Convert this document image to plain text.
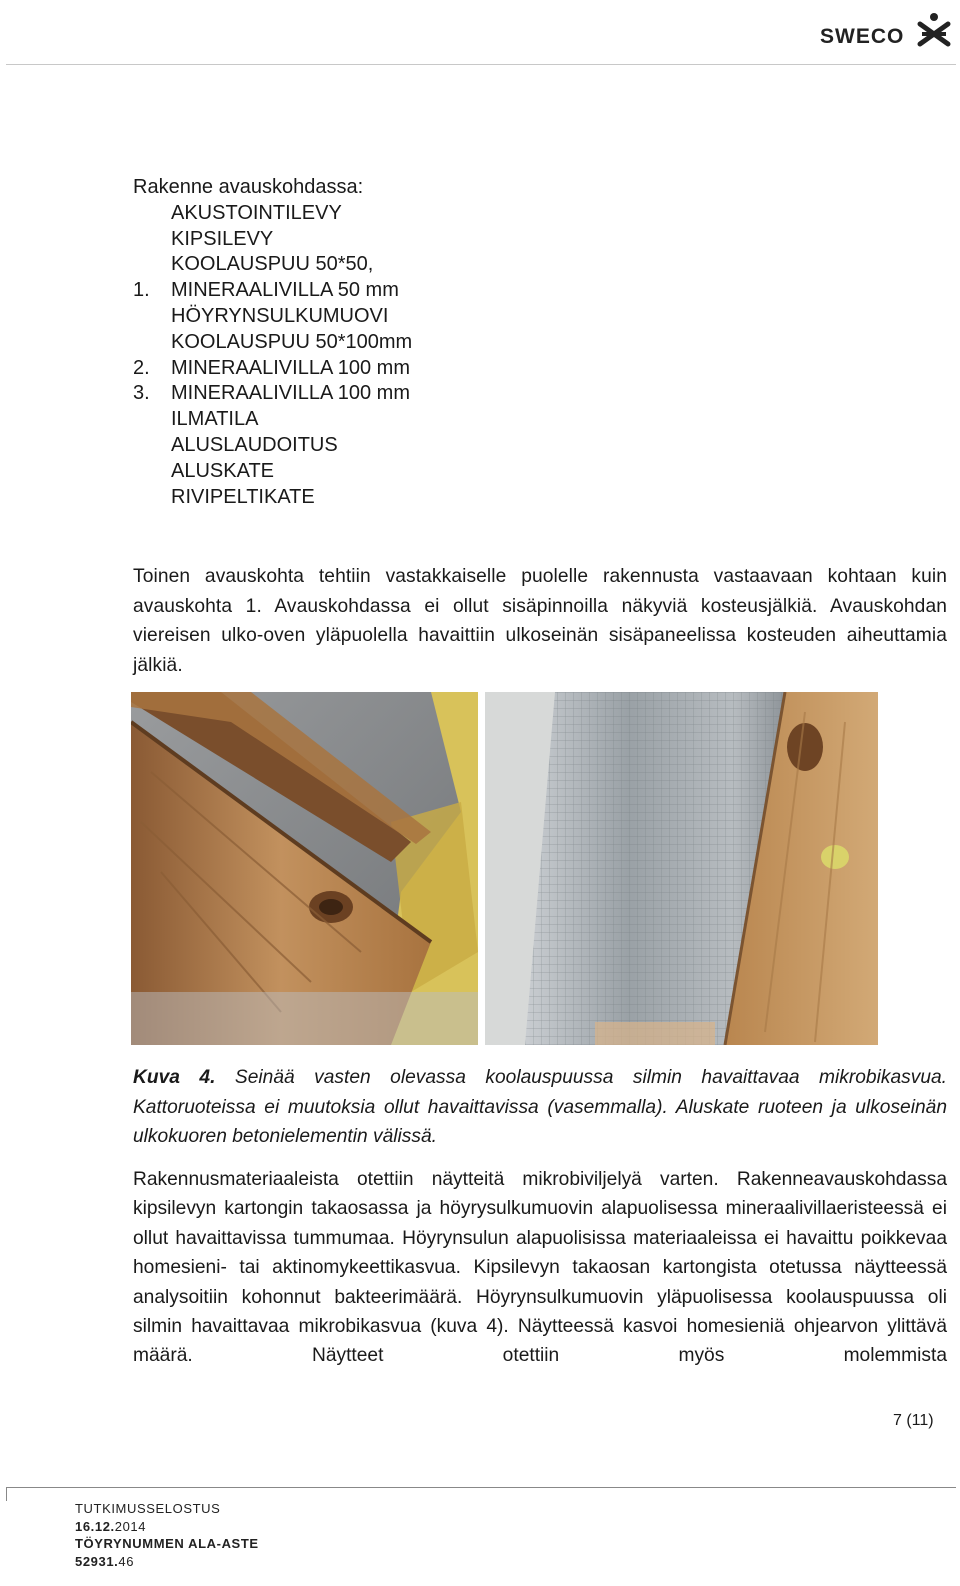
SWECO
Rakenne avauskohdassa:
AKUSTOINTILEVY
KIPSILEVY
KOOLAUSPUU 50*50,
1. MINERAALIVILLA 50 mm
HÖYRYNSULKUMUOVI
KOOLAUSPUU 50*100mm
2. MINERAALIVILLA 100 mm
3. MINERAALIVILLA 100 mm
ILMATILA
ALUSLAUDOITUS
ALUSKATE
RIVIPELTIKATE

Toinen avauskohta tehtiin vastakkaiselle puolelle rakennusta vastaavaan kohtaan kuin avauskohta 1. Avauskohdassa ei ollut sisäpinnoilla näkyviä kosteusjälkiä. Avauskohdan viereisen ulko-oven yläpuolella havaittiin ulkoseinän sisäpaneelissa kosteuden aiheuttamia jälkiä.

Kuva 4. Seinää vasten olevassa koolauspuussa silmin havaittavaa mikrobikasvua. Kattoruoteissa ei muutoksia ollut havaittavissa (vasemmalla). Aluskate ruoteen ja ulkoseinän ulkokuoren betonielementin välissä.

Rakennusmateriaaleista otettiin näytteitä mikrobiviljelyä varten. Rakenneavauskohdassa kipsilevyn kartongin takaosassa ja höyrysulkumuovin alapuolisessa mineraalivillaeristeessä ei ollut havaittavissa tummumaa. Höyrynsulun alapuolisissa materiaaleissa ei havaittu poikkevaa homesieni- tai aktinomykeettikasvua. Kipsilevyn takaosan kartongista otetussa näytteessä analysoitiin kohonnut bakteerimäärä. Höyrynsulkumuovin yläpuolisessa koolauspuussa oli silmin havaittavaa mikrobikasvua (kuva 4). Näytteessä kasvoi homesieniä ohjearvon ylittävä määrä. Näytteet otettiin myös molemmista

7 (11)
TUTKIMUSSELOSTUS
16.12.2014
TÖYRYNUMMEN ALA-ASTE
52931.46
